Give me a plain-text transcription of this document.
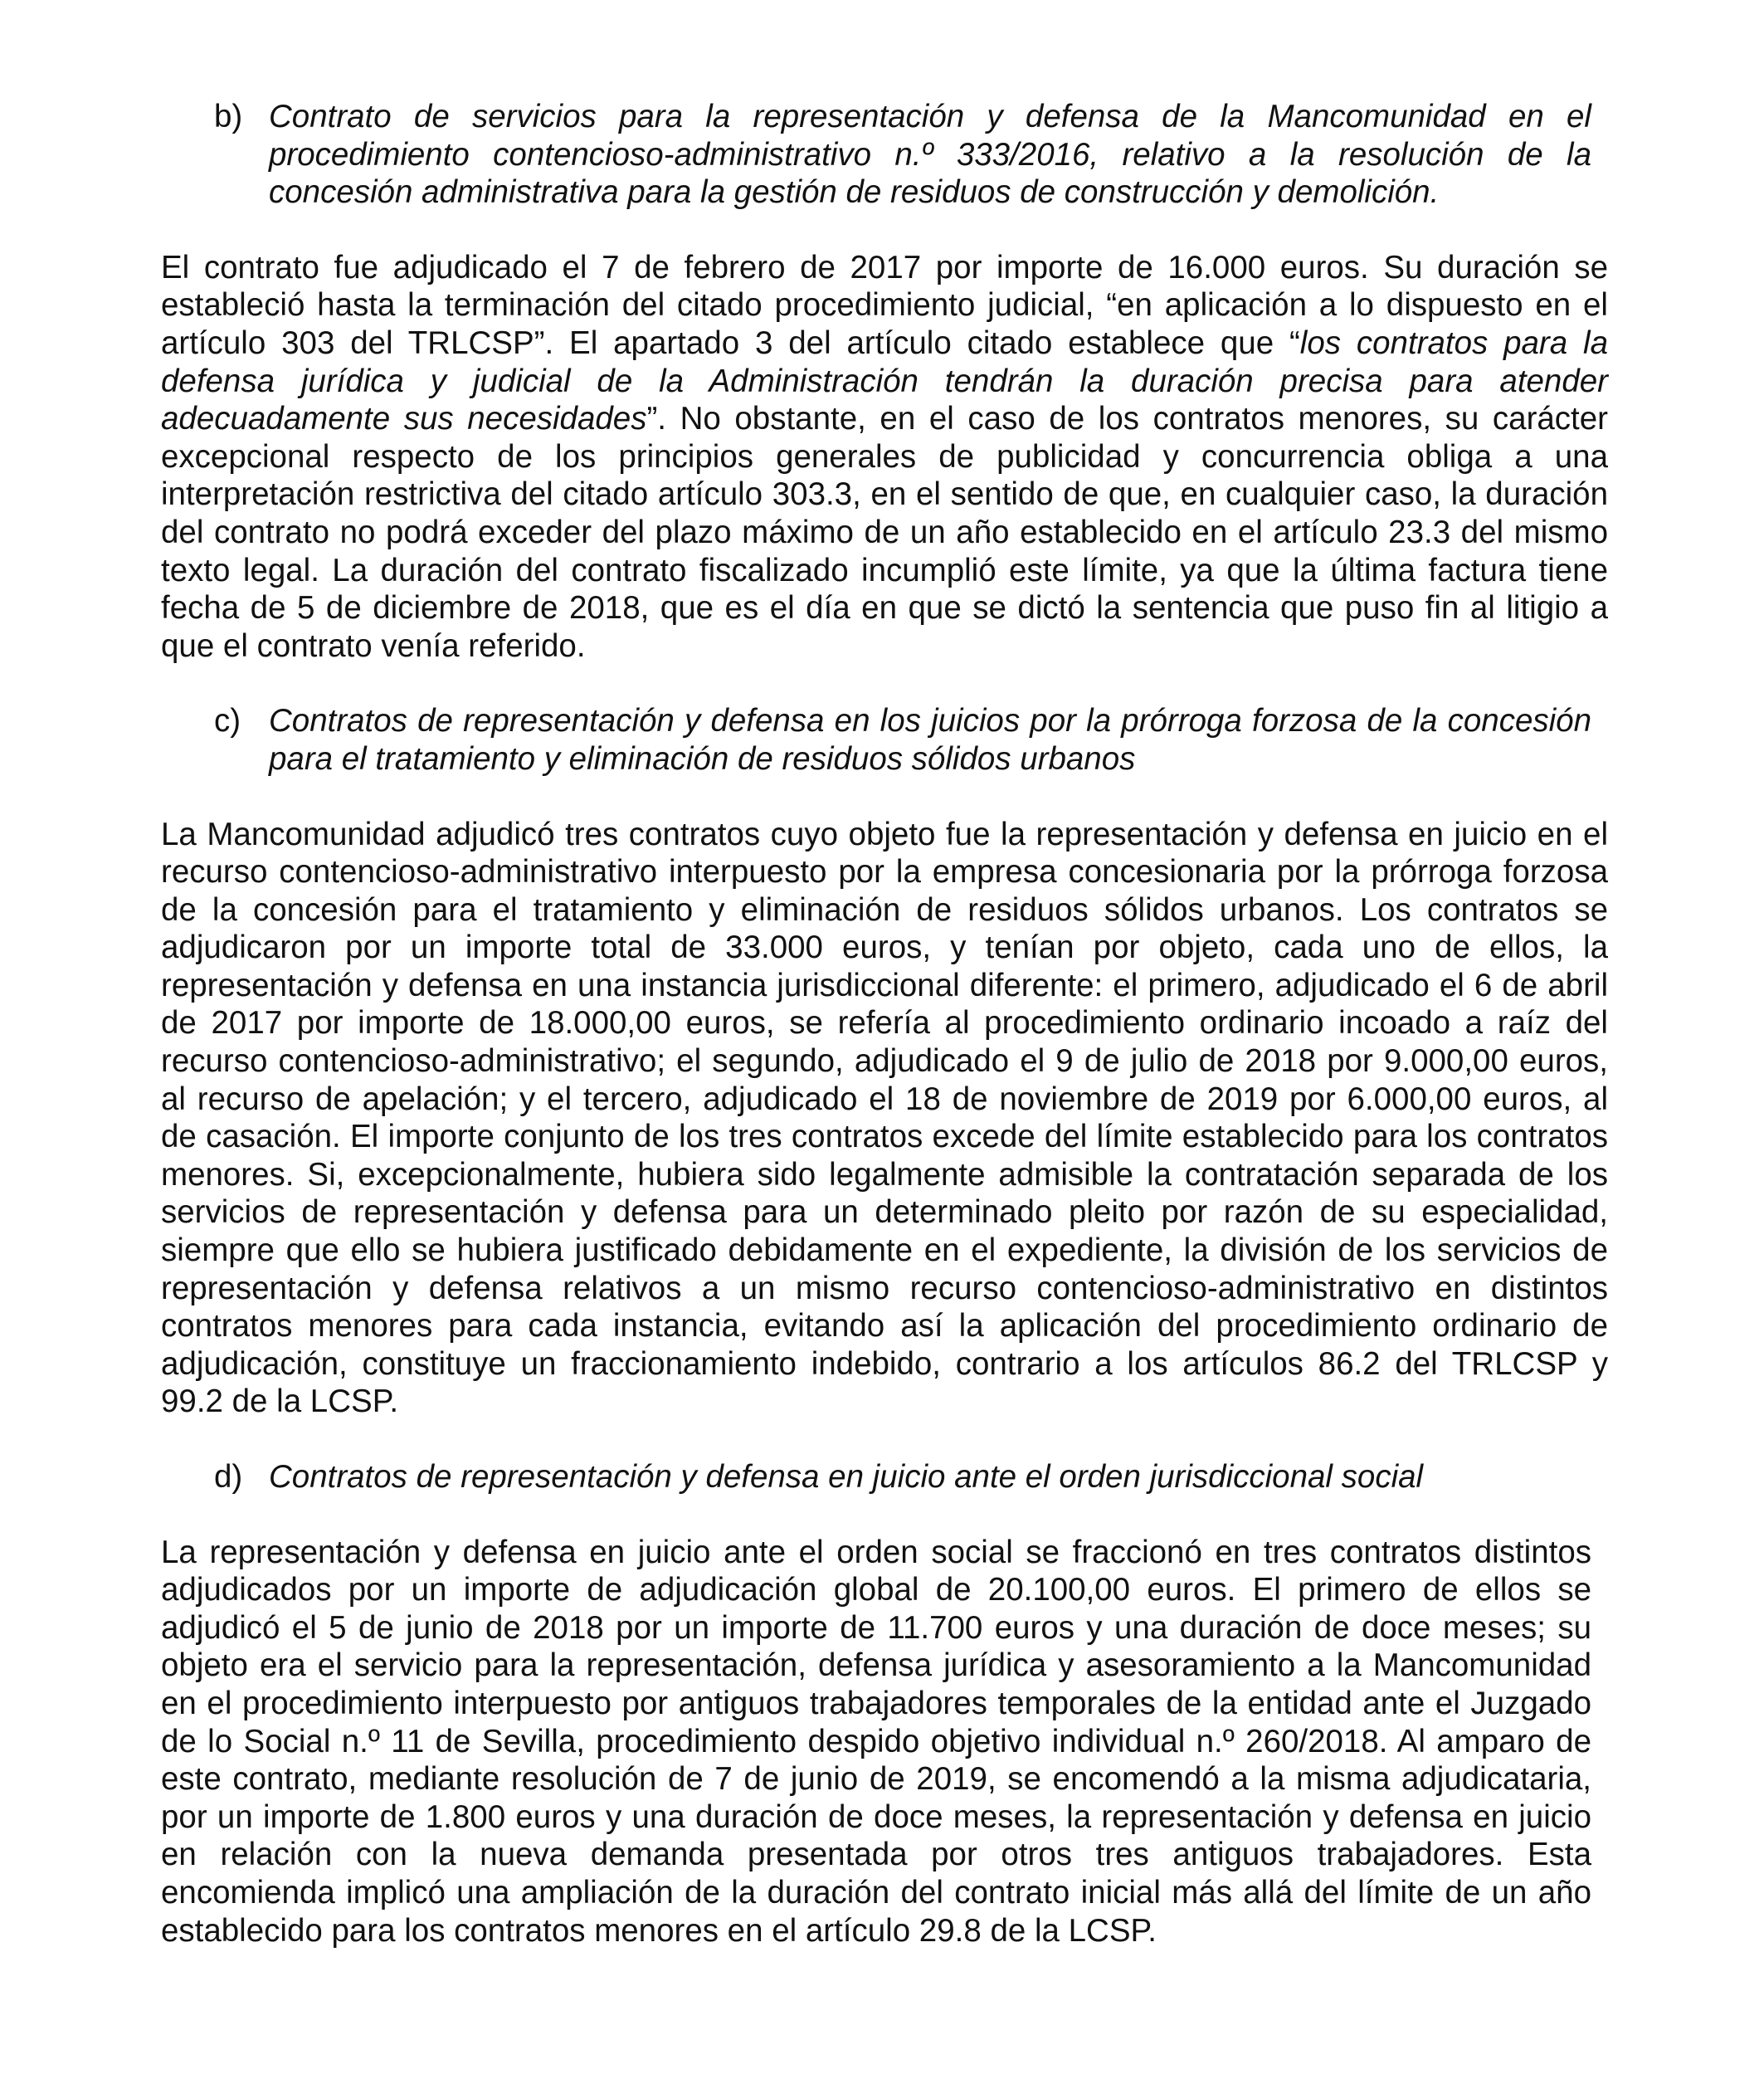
b) Contrato de servicios para la representación y defensa de la Mancomunidad en el procedimiento contencioso-administrativo n.º 333/2016, relativo a la resolución de la concesión administrativa para la gestión de residuos de construcción y demolición.

El contrato fue adjudicado el 7 de febrero de 2017 por importe de 16.000 euros. Su duración se estableció hasta la terminación del citado procedimiento judicial, “en aplicación a lo dispuesto en el artículo 303 del TRLCSP”. El apartado 3 del artículo citado establece que “los contratos para la defensa jurídica y judicial de la Administración tendrán la duración precisa para atender adecuadamente sus necesidades”. No obstante, en el caso de los contratos menores, su carácter excepcional respecto de los principios generales de publicidad y concurrencia obliga a una interpretación restrictiva del citado artículo 303.3, en el sentido de que, en cualquier caso, la duración del contrato no podrá exceder del plazo máximo de un año establecido en el artículo 23.3 del mismo texto legal. La duración del contrato fiscalizado incumplió este límite, ya que la última factura tiene fecha de 5 de diciembre de 2018, que es el día en que se dictó la sentencia que puso fin al litigio a que el contrato venía referido.

c) Contratos de representación y defensa en los juicios por la prórroga forzosa de la concesión para el tratamiento y eliminación de residuos sólidos urbanos

La Mancomunidad adjudicó tres contratos cuyo objeto fue la representación y defensa en juicio en el recurso contencioso-administrativo interpuesto por la empresa concesionaria por la prórroga forzosa de la concesión para el tratamiento y eliminación de residuos sólidos urbanos. Los contratos se adjudicaron por un importe total de 33.000 euros, y tenían por objeto, cada uno de ellos, la representación y defensa en una instancia jurisdiccional diferente: el primero, adjudicado el 6 de abril de 2017 por importe de 18.000,00 euros, se refería al procedimiento ordinario incoado a raíz del recurso contencioso-administrativo; el segundo, adjudicado el 9 de julio de 2018 por 9.000,00 euros, al recurso de apelación; y el tercero, adjudicado el 18 de noviembre de 2019 por 6.000,00 euros, al de casación. El importe conjunto de los tres contratos excede del límite establecido para los contratos menores. Si, excepcionalmente, hubiera sido legalmente admisible la contratación separada de los servicios de representación y defensa para un determinado pleito por razón de su especialidad, siempre que ello se hubiera justificado debidamente en el expediente, la división de los servicios de representación y defensa relativos a un mismo recurso contencioso-administrativo en distintos contratos menores para cada instancia, evitando así la aplicación del procedimiento ordinario de adjudicación, constituye un fraccionamiento indebido, contrario a los artículos 86.2 del TRLCSP y 99.2 de la LCSP.

d) Contratos de representación y defensa en juicio ante el orden jurisdiccional social

La representación y defensa en juicio ante el orden social se fraccionó en tres contratos distintos adjudicados por un importe de adjudicación global de 20.100,00 euros. El primero de ellos se adjudicó el 5 de junio de 2018 por un importe de 11.700 euros y una duración de doce meses; su objeto era el servicio para la representación, defensa jurídica y asesoramiento a la Mancomunidad en el procedimiento interpuesto por antiguos trabajadores temporales de la entidad ante el Juzgado de lo Social n.º 11 de Sevilla, procedimiento despido objetivo individual n.º 260/2018. Al amparo de este contrato, mediante resolución de 7 de junio de 2019, se encomendó a la misma adjudicataria, por un importe de 1.800 euros y una duración de doce meses, la representación y defensa en juicio en relación con la nueva demanda presentada por otros tres antiguos trabajadores. Esta encomienda implicó una ampliación de la duración del contrato inicial más allá del límite de un año establecido para los contratos menores en el artículo 29.8 de la LCSP.
